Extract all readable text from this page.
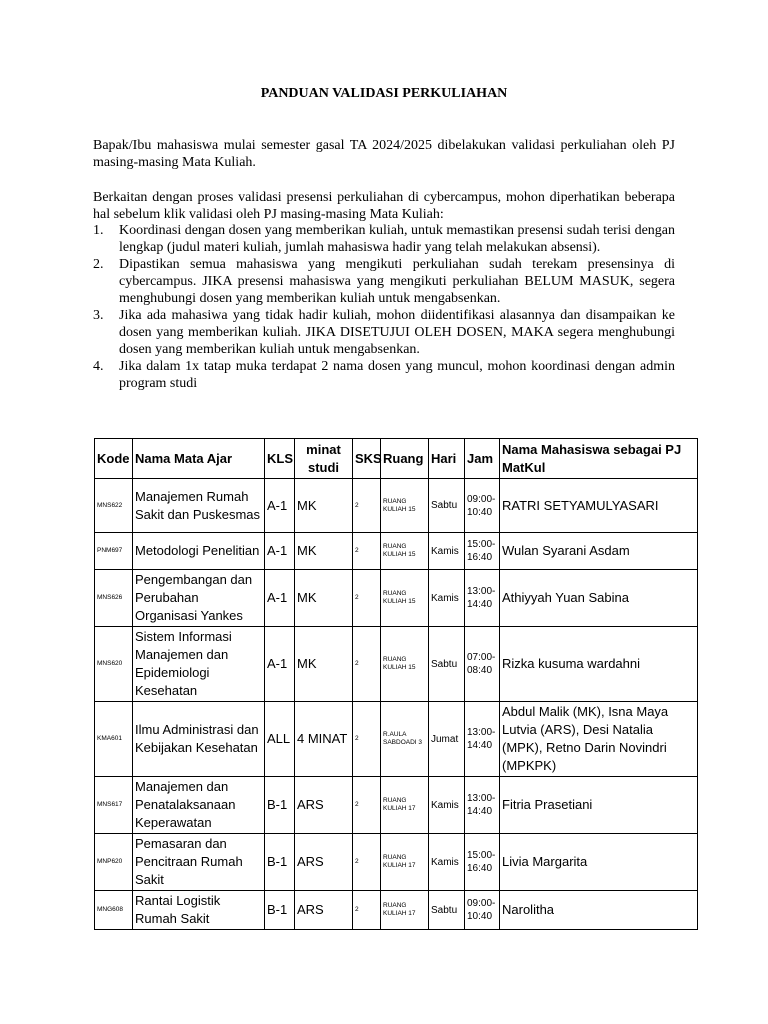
PANDUAN VALIDASI PERKULIAHAN

Bapak/Ibu mahasiswa mulai semester gasal TA 2024/2025 dibelakukan validasi perkuliahan oleh PJ masing-masing Mata Kuliah.

Berkaitan dengan proses validasi presensi perkuliahan di cybercampus, mohon diperhatikan beberapa hal sebelum klik validasi oleh PJ masing-masing Mata Kuliah:

1. Koordinasi dengan dosen yang memberikan kuliah, untuk memastikan presensi sudah terisi dengan lengkap (judul materi kuliah, jumlah mahasiswa hadir yang telah melakukan absensi).
2. Dipastikan semua mahasiswa yang mengikuti perkuliahan sudah terekam presensinya di cybercampus. JIKA presensi mahasiswa yang mengikuti perkuliahan BELUM MASUK, segera menghubungi dosen yang memberikan kuliah untuk mengabsenkan.
3. Jika ada mahasiwa yang tidak hadir kuliah, mohon diidentifikasi alasannya dan disampaikan ke dosen yang memberikan kuliah. JIKA DISETUJUI OLEH DOSEN, MAKA segera menghubungi dosen yang memberikan kuliah untuk mengabsenkan.
4. Jika dalam 1x tatap muka terdapat 2 nama dosen yang muncul, mohon koordinasi dengan admin program studi
Kode	Nama Mata Ajar	KLS	minat studi	SKS	Ruang	Hari	Jam	Nama Mahasiswa sebagai PJ MatKul
MNS622	Manajemen Rumah Sakit dan Puskesmas	A-1	MK	2	RUANG KULIAH 15	Sabtu	09:00-10:40	RATRI SETYAMULYASARI
PNM697	Metodologi Penelitian	A-1	MK	2	RUANG KULIAH 15	Kamis	15:00-16:40	Wulan Syarani Asdam
MNS626	Pengembangan dan Perubahan Organisasi Yankes	A-1	MK	2	RUANG KULIAH 15	Kamis	13:00-14:40	Athiyyah Yuan Sabina
MNS620	Sistem Informasi Manajemen dan Epidemiologi Kesehatan	A-1	MK	2	RUANG KULIAH 15	Sabtu	07:00-08:40	Rizka kusuma wardahni
KMA601	Ilmu Administrasi dan Kebijakan Kesehatan	ALL	4 MINAT	2	R.AULA SABDOADI 3	Jumat	13:00-14:40	Abdul Malik (MK), Isna Maya Lutvia (ARS), Desi Natalia (MPK), Retno Darin Novindri (MPKPK)
MNS617	Manajemen dan Penatalaksanaan Keperawatan	B-1	ARS	2	RUANG KULIAH 17	Kamis	13:00-14:40	Fitria Prasetiani
MNP620	Pemasaran dan Pencitraan Rumah Sakit	B-1	ARS	2	RUANG KULIAH 17	Kamis	15:00-16:40	Livia Margarita
MNG608	Rantai Logistik Rumah Sakit	B-1	ARS	2	RUANG KULIAH 17	Sabtu	09:00-10:40	Narolitha
